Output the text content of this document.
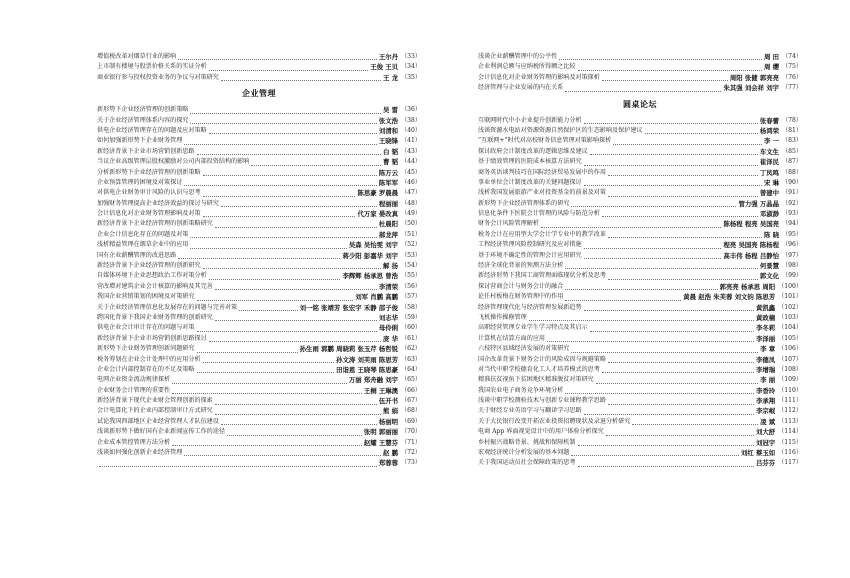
增值税改革对烟草行业的影响	王尔丹 （33）
上市制有楼境与股票价格关系的实证分析	王俊 王贝 （34）
商业银行参与投权投资业务的争议与对策研究	王 龙 （35）
企业管理
新形势下企业经济管理的创新策略	吴 雷 （36）
关于企业经济管理体系内容的探究	张文浩 （38）
供电企业经济管理存在的问题及应对策略	刘清和 （40）
如何加强新形势下企业财务管理	王晓锋 （41）
新经济背景下企业市场营销创新思路	白 韬 （43）
当议企业高级管理层股权激励对公司内部投资结构的影响	曹 韬 （44）
分析新形势下企业经济管理的创新策略	陈万云 （45）
企业预算管理的困境及对策探讨	陈军军 （46）
对供电企业财务审计风险的认识与思考	陈思豪 罗晨晨 （47）
加强财务管理提高企业经济效益的探讨与研究	程丽丽 （48）
会计信息化对企业财务管理影响及对策	代万家 晏改真 （49）
新经济背景下企业经济管理的创新策略研究	杜晨阳 （50）
企业会计信息化存在的问题及对策	郝龙萍 （51）
浅析精益管理在烟草企业中的应用	吴森 吴怡雯 刘宇 （52）
国有企业薪酬管理的改进思路	蒋少阳 彭嘉华 刘宇 （53）
新经济背景下企业经济管理的创新研究	解 扬 （54）
自媒体环境下企业思想政治工作对策分析	李辉辉 杨承思 曾浩 （55）
营改增对建筑企业会计核算的影响及其完善	李清荣 （56）
我国企业营销策划的困境及对策研究	刘军 肖鹏 高鹏 （57）
关于企业经济管理信息化发展存在的问题与完善对策	刘一铭 张靖芳 张宏宇 禾静 邵子俊 （58）
跨国化背景下我国企业财务管理的创新研究	刘志华 （59）
供电企业会计审计存在的问题与对策	母伶俐 （60）
新经济背景下企业市场营销创新思路探讨	庞 华 （61）
新形势下企业财务管理创新问题研究	孙生雨 郭鹏 周晓莉 张玉芹 杨哲锐 （62）
税务筹划在企业会计处理中的应用分析	孙文涛 刘芙雨 陈思芳 （63）
企业会计内部控制存在的不足及策略	田诣恩 王晓琴 陈思豪 （64）
电网企业资金流动规律探析	万丽 郑舟融 刘宇 （65）
企业财务会计管理的重要性	王桐 王琳澳 （66）
新经济背景下现代企业财会管理创新的探索	伍开书 （67）
会计电算化下的企业内部控制审计方式研究	熊 娟 （68）
试论我国西部地区企业经营管理人才队伍建设	杨丽明 （69）
浅谈新形势下做好国有企业新闻宣传工作的途径	张明 郭丽丽 （70）
企业成本管控管理方法分析	赵耀 王慧芬 （71）
浅谈如何强化创新企业经济管理	赵 鹏 （72）
郑蓉蓉 （73）
浅谈企业薪酬管理中的公平性	周 田 （74）
企业利润总额与应纳税所得额之比较	周 缨 （75）
会计信息化对企业财务管理的影响及对策探析	周阳 张健 郭亮亮 （76）
经济管理与企业发展的内在关系	朱其强 刘会祥 刘宇 （77）
圆桌论坛
互联网时代中小企业提升创新能力分析	张春蕾 （78）
浅谈资源水电站对资源资源自然保护区的生态影响及保护建议	杨鸿荣 （81）
“互联网+”时代对高校财务信息管理对策影响探析	李 一 （83）
探讨政府会计制度改革的逻辑思维及建议	车文生 （85）
基于绩效管理的医院成本核算方法研究	崔泽民 （87）
商务英语谈判技巧在国际经济贸易发展中的作用	丁凤鸣 （88）
事业单位会计制度改革的关键问题探讨	宋 琳 （90）
浅析我国发展旅游产业对投资基金的前景及对策	曾建中 （91）
新形势下企业经济管理体系的研究	管力强 万晶晶 （92）
信息化条件下医院会计管理的风险与防范分析	邓淑渺 （93）
财务会计风险管理解析	陈杨程 程亮 吴国亮 （94）
税务会计在应用型大学会计学专业中的教学改革	陈 晓 （95）
工程经济管理风险控制研究及应对措施	程亮 吴国亮 陈杨程 （96）
基于环境不确定性的管理会计应用研究	高丰伟 杨程 吕静怡 （97）
经济全球化背景的预测方法分析	何景慧 （98）
新经济形势下我国工商管理面临现状分析及思考	郭文化 （99）
探讨营商会计与财务会计的融合	郭亮亮 杨承思 周阳 （100）
论任村板梅在财务管理中的作用	黄晨 赵浩 朱芙蓉 刘文钧 陈思芳 （101）
经济管理现代化与经济管理发展新趋势	黄凯鑫 （102）
飞机操作操修管理	黄政楠 （103）
高职经营管理专业学生学习特点及其启示	李冬莉 （104）
计算机在结算方面的应用	李泽丽 （105）
六枝特区县域经济发展的对策研究	李 章 （106）
国企改革背景下财务会计的风险成因与规避策略	李德凤 （107）
对当代中职学校德育化工人才培养模式的思考	李增瑞 （108）
精准扶贫视角下贫困地区精准脱贫对策研究	李 丽 （109）
我国农业电子商务竞争环境分析	李香玲 （110）
浅谈中职学校测验技术与创新专业课程教学思路	李承翔 （111）
关于财经专业英语学习与翻译学习思路	李宗岷 （112）
关于大民银行改变开拓农业投资招聘现状及录退分析研究	凌 斌 （113）
电商 App 界面视觉设计中的用户体验分析探究	刘大舒 （114）
乡村振兴战略背景、挑战和保障机制	刘冠宇 （115）
宏观经济统计分析发展的基本问题	刘红 蔡玉如 （116）
关于我国运动员社会保障政策的思考	吕芬芬 （117）
